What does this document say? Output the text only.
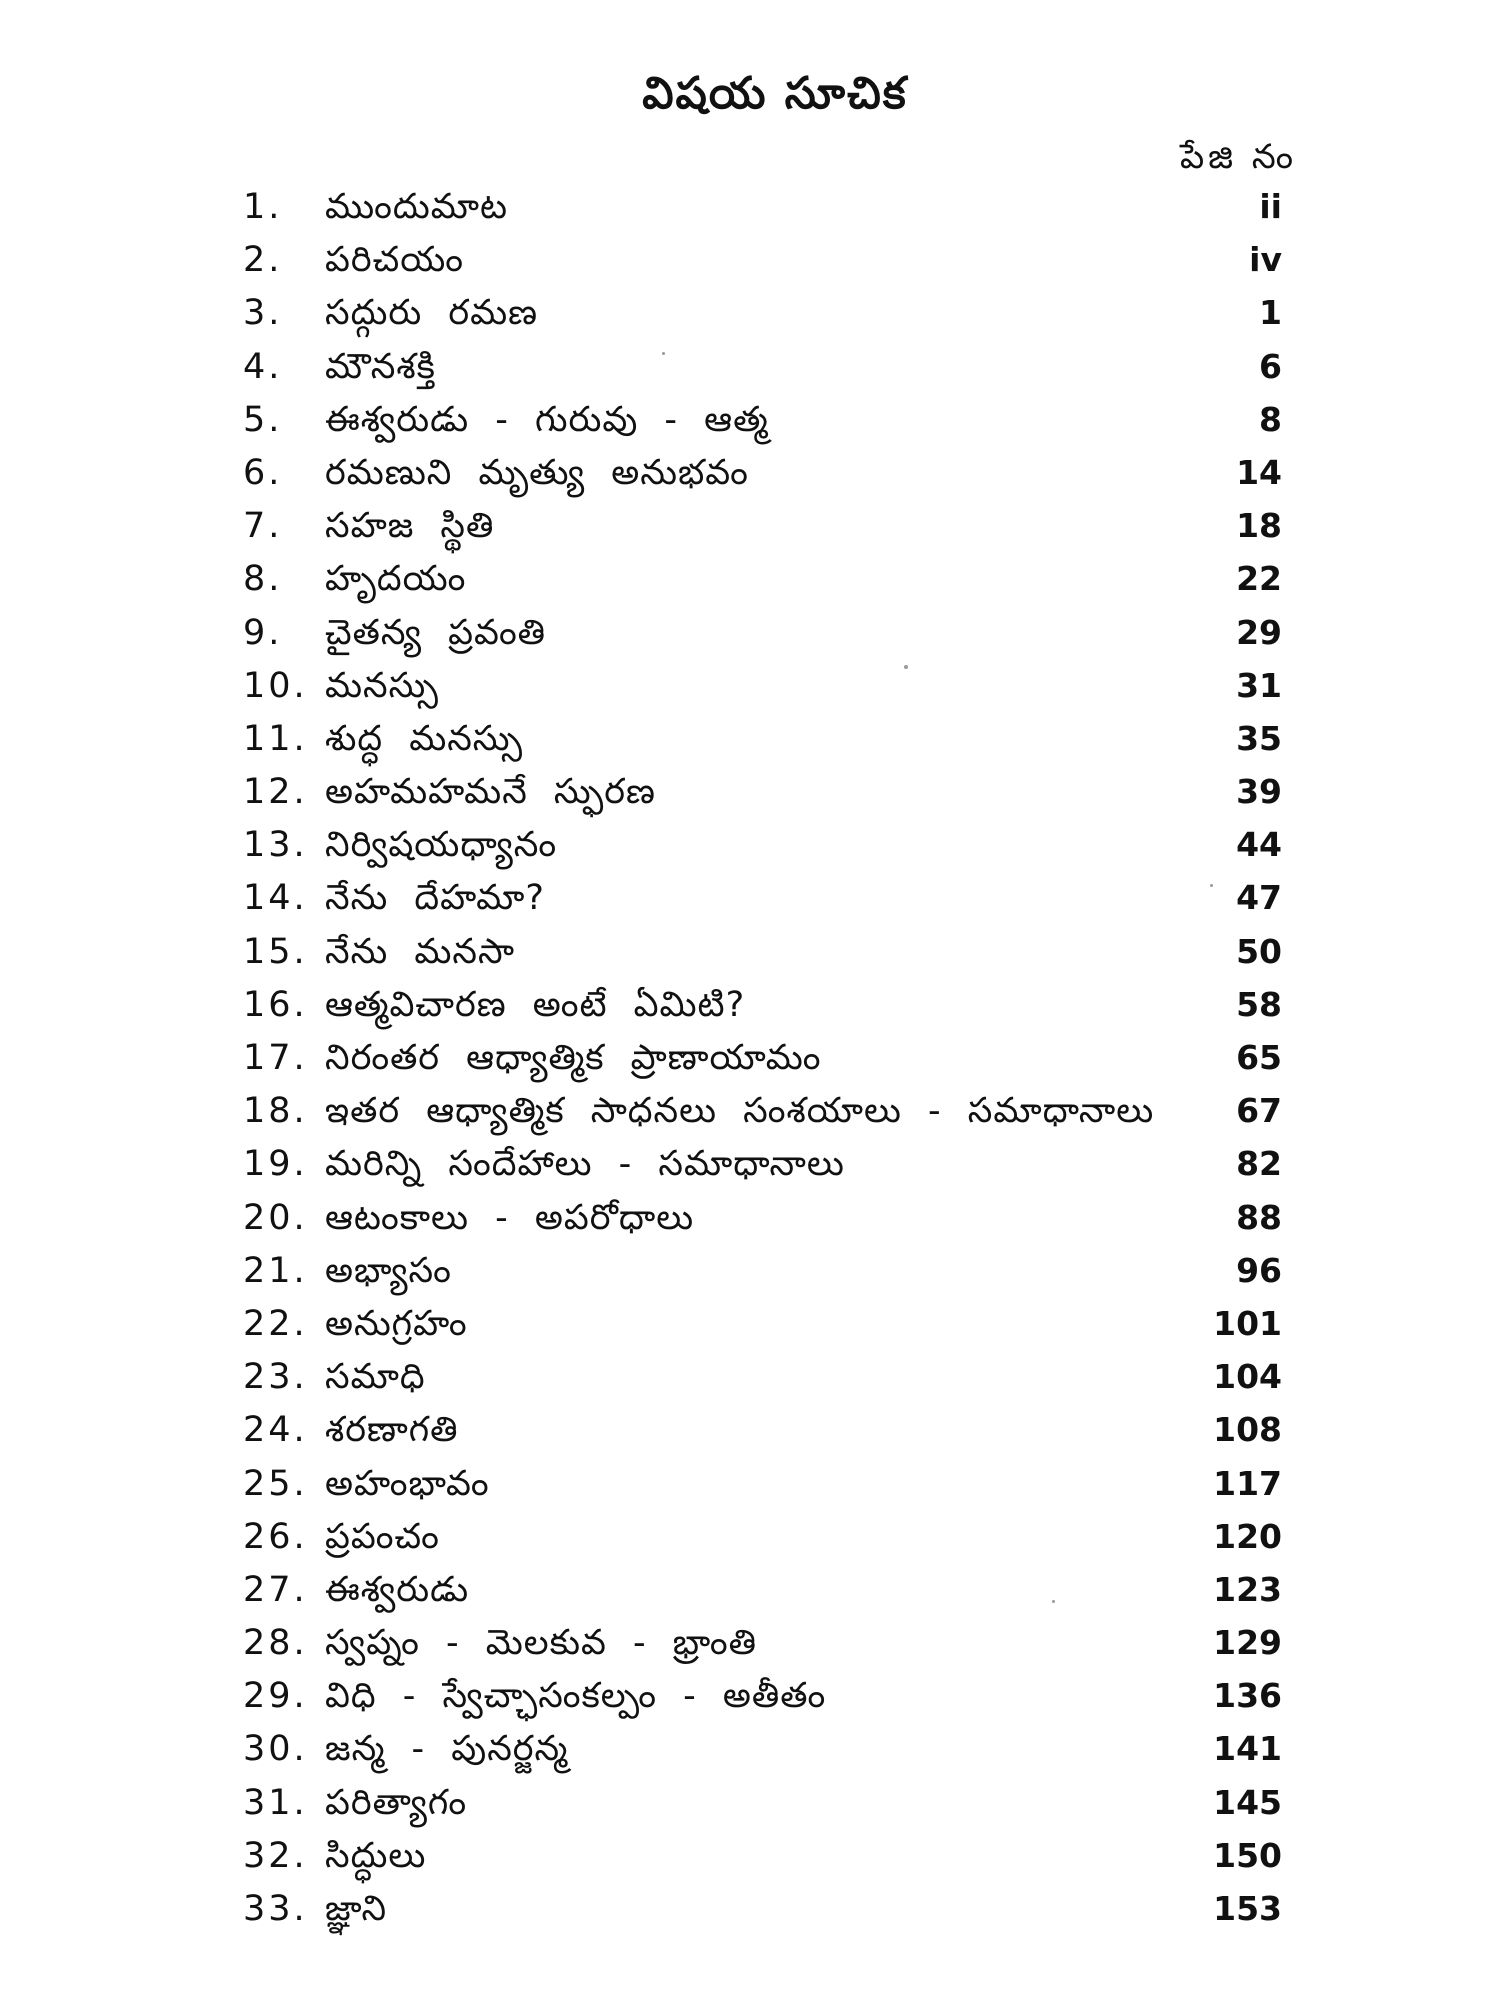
విషయ సూచిక
పేజి నం
1.	ముందుమాట	ii
2.	పరిచయం	iv
3.	సద్గురు రమణ	1
4.	మౌనశక్తి	6
5.	ఈశ్వరుడు - గురువు - ఆత్మ	8
6.	రమణుని మృత్యు అనుభవం	14
7.	సహజ స్థితి	18
8.	హృదయం	22
9.	చైతన్య ప్రవంతి	29
10. మనస్సు	31
11. శుద్ధ మనస్సు	35
12. అహమహమనే స్ఫురణ	39
13. నిర్విషయధ్యానం	44
14. నేను దేహమా?	47
15. నేను మనసా	50
16. ఆత్మవిచారణ అంటే ఏమిటి?	58
17. నిరంతర ఆధ్యాత్మిక ప్రాణాయామం	65
18. ఇతర ఆధ్యాత్మిక సాధనలు సంశయాలు - సమాధానాలు 67
19. మరిన్ని సందేహాలు - సమాధానాలు	82
20. ఆటంకాలు - అపరోధాలు	88
21. అభ్యాసం	96
22. అనుగ్రహం	101
23. సమాధి	104
24. శరణాగతి	108
25. అహంభావం	117
26. ప్రపంచం	120
27. ఈశ్వరుడు	123
28. స్వప్నం - మెలకువ - భ్రాంతి	129
29. విధి - స్వేచ్ఛాసంకల్పం - అతీతం	136
30. జన్మ - పునర్జన్మ	141
31. పరిత్యాగం	145
32. సిద్ధులు	150
33. జ్ఞాని	153
